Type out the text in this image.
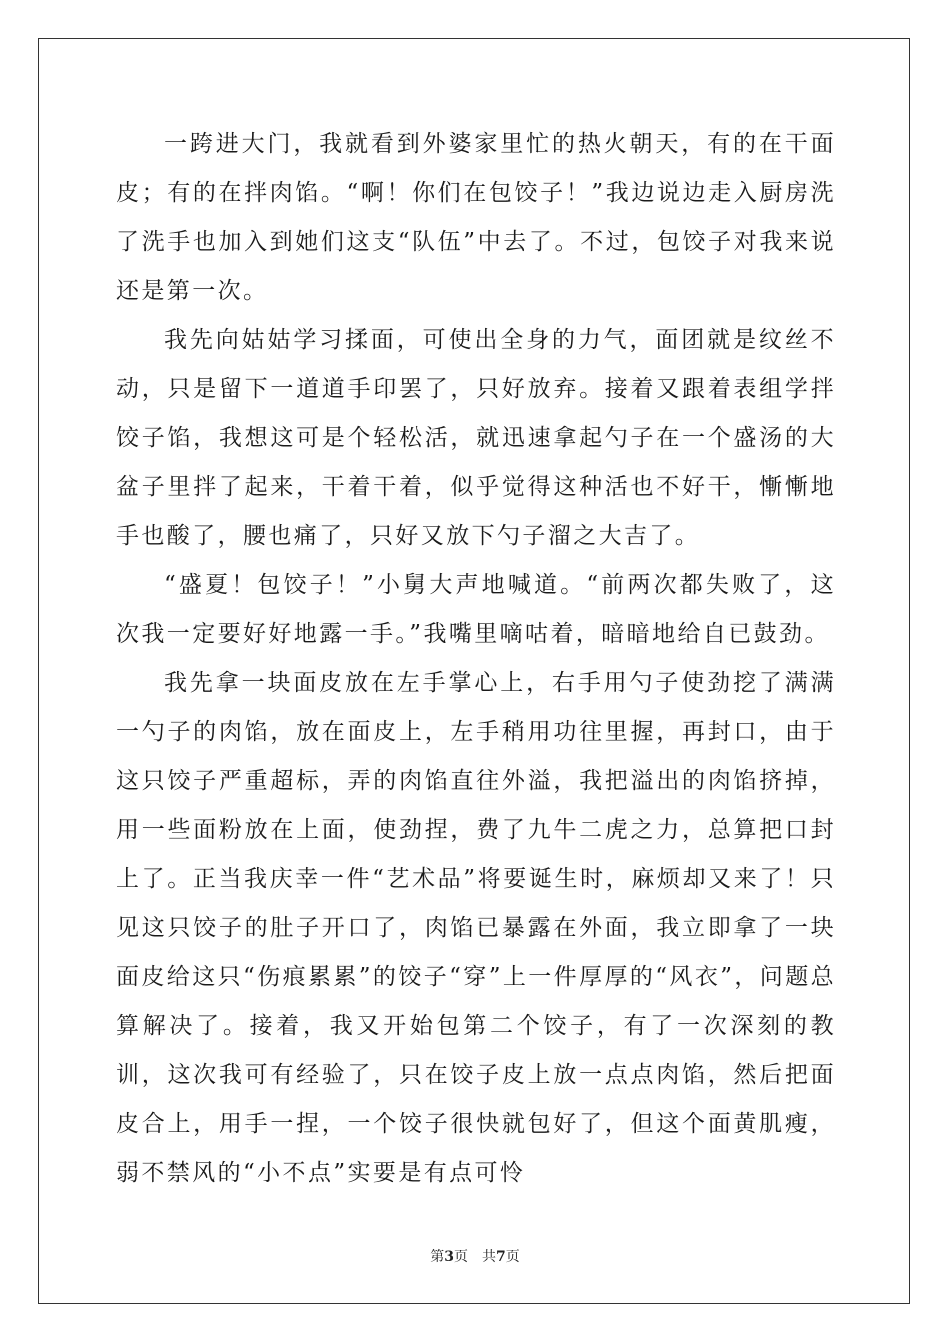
一跨进大门，我就看到外婆家里忙的热火朝天，有的在干面皮；有的在拌肉馅。“啊！你们在包饺子！”我边说边走入厨房洗了洗手也加入到她们这支“队伍”中去了。不过，包饺子对我来说还是第一次。

我先向姑姑学习揉面，可使出全身的力气，面团就是纹丝不动，只是留下一道道手印罢了，只好放弃。接着又跟着表组学拌饺子馅，我想这可是个轻松活，就迅速拿起勺子在一个盛汤的大盆子里拌了起来，干着干着，似乎觉得这种活也不好干，慚慚地手也酸了，腰也痛了，只好又放下勺子溜之大吉了。

“盛夏！包饺子！”小舅大声地喊道。“前两次都失败了，这次我一定要好好地露一手。”我嘴里嘀咕着，暗暗地给自已鼓劲。

我先拿一块面皮放在左手掌心上，右手用勺子使劲挖了满满一勺子的肉馅，放在面皮上，左手稍用功往里握，再封口，由于这只饺子严重超标，弄的肉馅直往外溢，我把溢出的肉馅挤掉，用一些面粉放在上面，使劲捏，费了九牛二虎之力，总算把口封上了。正当我庆幸一件“艺术品”将要诞生时，麻烦却又来了！只见这只饺子的肚子开口了，肉馅已暴露在外面，我立即拿了一块面皮给这只“伤痕累累”的饺子“穿”上一件厚厚的“风衣”，问题总算解决了。接着，我又开始包第二个饺子，有了一次深刻的教训，这次我可有经验了，只在饺子皮上放一点点肉馅，然后把面皮合上，用手一捏，一个饺子很快就包好了，但这个面黄肌瘦，弱不禁风的“小不点”实要是有点可怜

第3页 共7页
